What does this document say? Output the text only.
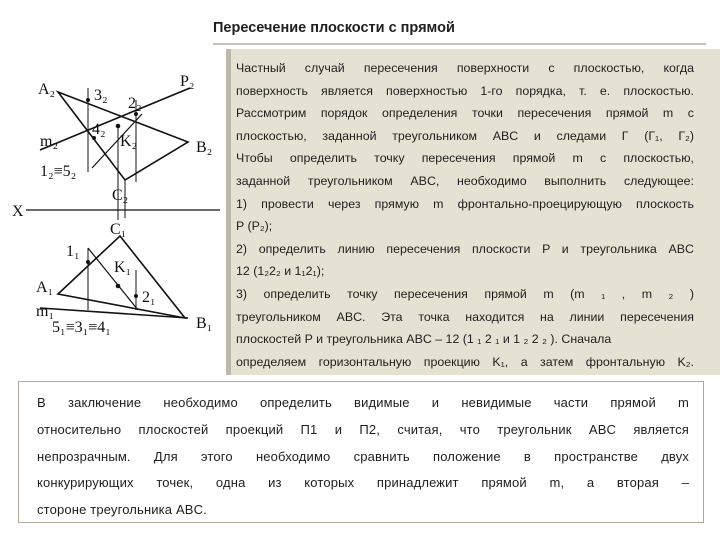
Пересечение плоскости с прямой
A₂ 3₂ 2₂
P₂
4₂
m₂	K₂	B₂
1₂≡5₂
C₂
X
C₁
1₁
K₁
A₁
2₁
m₁
5₁≡3₁≡4₁	B₁

Частный случай пересечения поверхности с плоскостью, когда

поверхность является поверхностью 1-го порядка, т. е. плоскостью.

Рассмотрим порядок определения точки пересечения прямой m с

плоскостью, заданной треугольником ABC и следами Г (Г₁, Г₂)

Чтобы определить точку пересечения прямой m с плоскостью,

заданной треугольником ABC, необходимо выполнить следующее:

1) провести через прямую m фронтально-проецирующую плоскость

P (P₂);

2) определить линию пересечения плоскости P и треугольника ABC

12 (1₂2₂ и 1₁2₁);

3) определить точку пересечения прямой m (m ₁ , m ₂ )

треугольником ABC. Эта точка находится на линии пересечения

плоскостей P и треугольника ABC – 12 (1 ₁ 2 ₁ и 1 ₂ 2 ₂ ). Сначала

определяем горизонтальную проекцию K₁, а затем фронтальную K₂.

В заключение необходимо определить видимые и невидимые части прямой m

относительно плоскостей проекций П1 и П2, считая, что треугольник ABC является

непрозрачным. Для этого необходимо сравнить положение в пространстве двух

конкурирующих точек, одна из которых принадлежит прямой m, а вторая –

стороне треугольника ABC.
